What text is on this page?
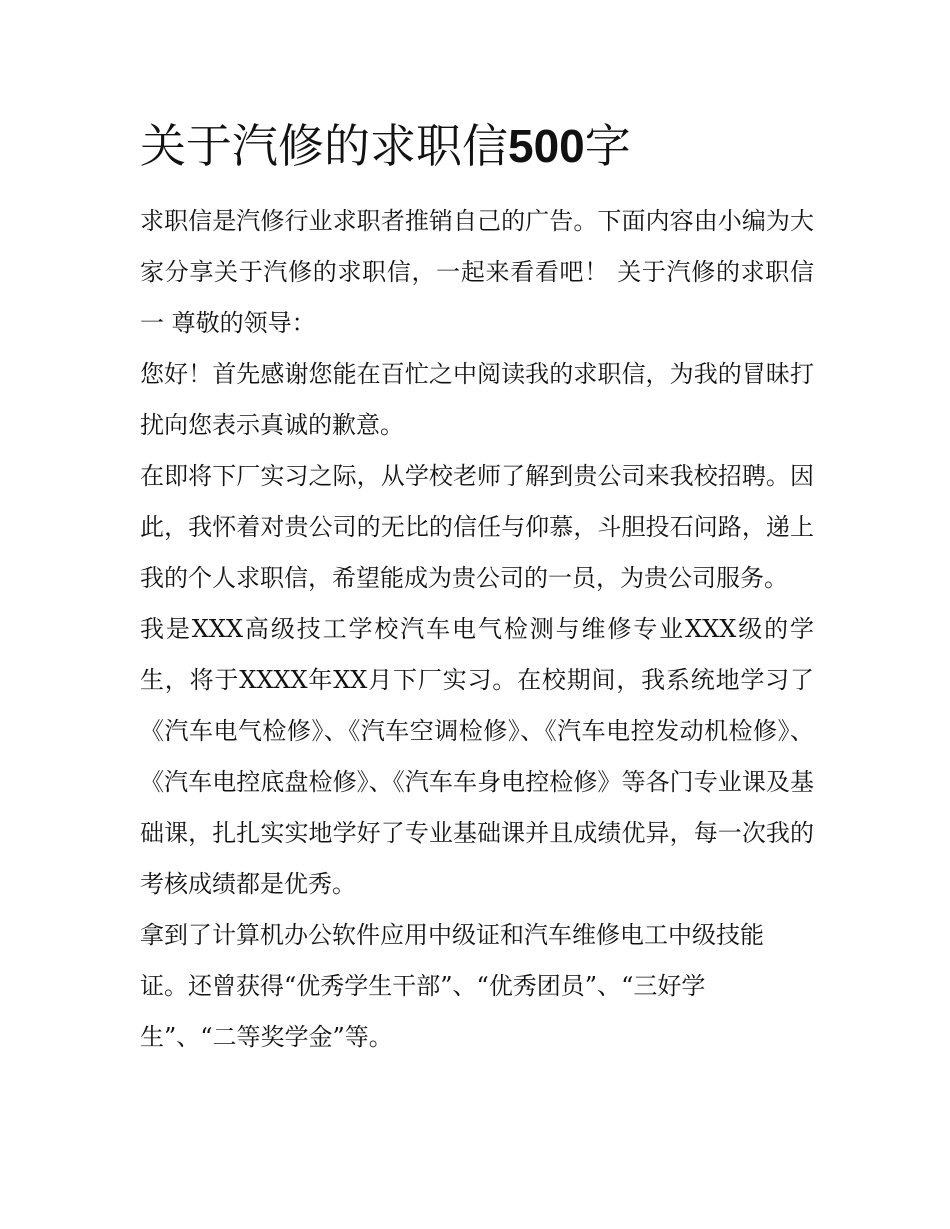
关于汽修的求职信500字

求职信是汽修行业求职者推销自己的广告。下面内容由小编为大家分享关于汽修的求职信，一起来看看吧！ 关于汽修的求职信一 尊敬的领导：

您好！首先感谢您能在百忙之中阅读我的求职信，为我的冒昧打扰向您表示真诚的歉意。

在即将下厂实习之际，从学校老师了解到贵公司来我校招聘。因此，我怀着对贵公司的无比的信任与仰慕，斗胆投石问路，递上我的个人求职信，希望能成为贵公司的一员，为贵公司服务。

我是XXX高级技工学校汽车电气检测与维修专业XXX级的学生，将于XXXX年XX月下厂实习。在校期间，我系统地学习了《汽车电气检修》、《汽车空调检修》、《汽车电控发动机检修》、《汽车电控底盘检修》、《汽车车身电控检修》等各门专业课及基础课，扎扎实实地学好了专业基础课并且成绩优异，每一次我的考核成绩都是优秀。

拿到了计算机办公软件应用中级证和汽车维修电工中级技能
证。还曾获得“优秀学生干部”、“优秀团员”、“三好学
生”、“二等奖学金”等。
